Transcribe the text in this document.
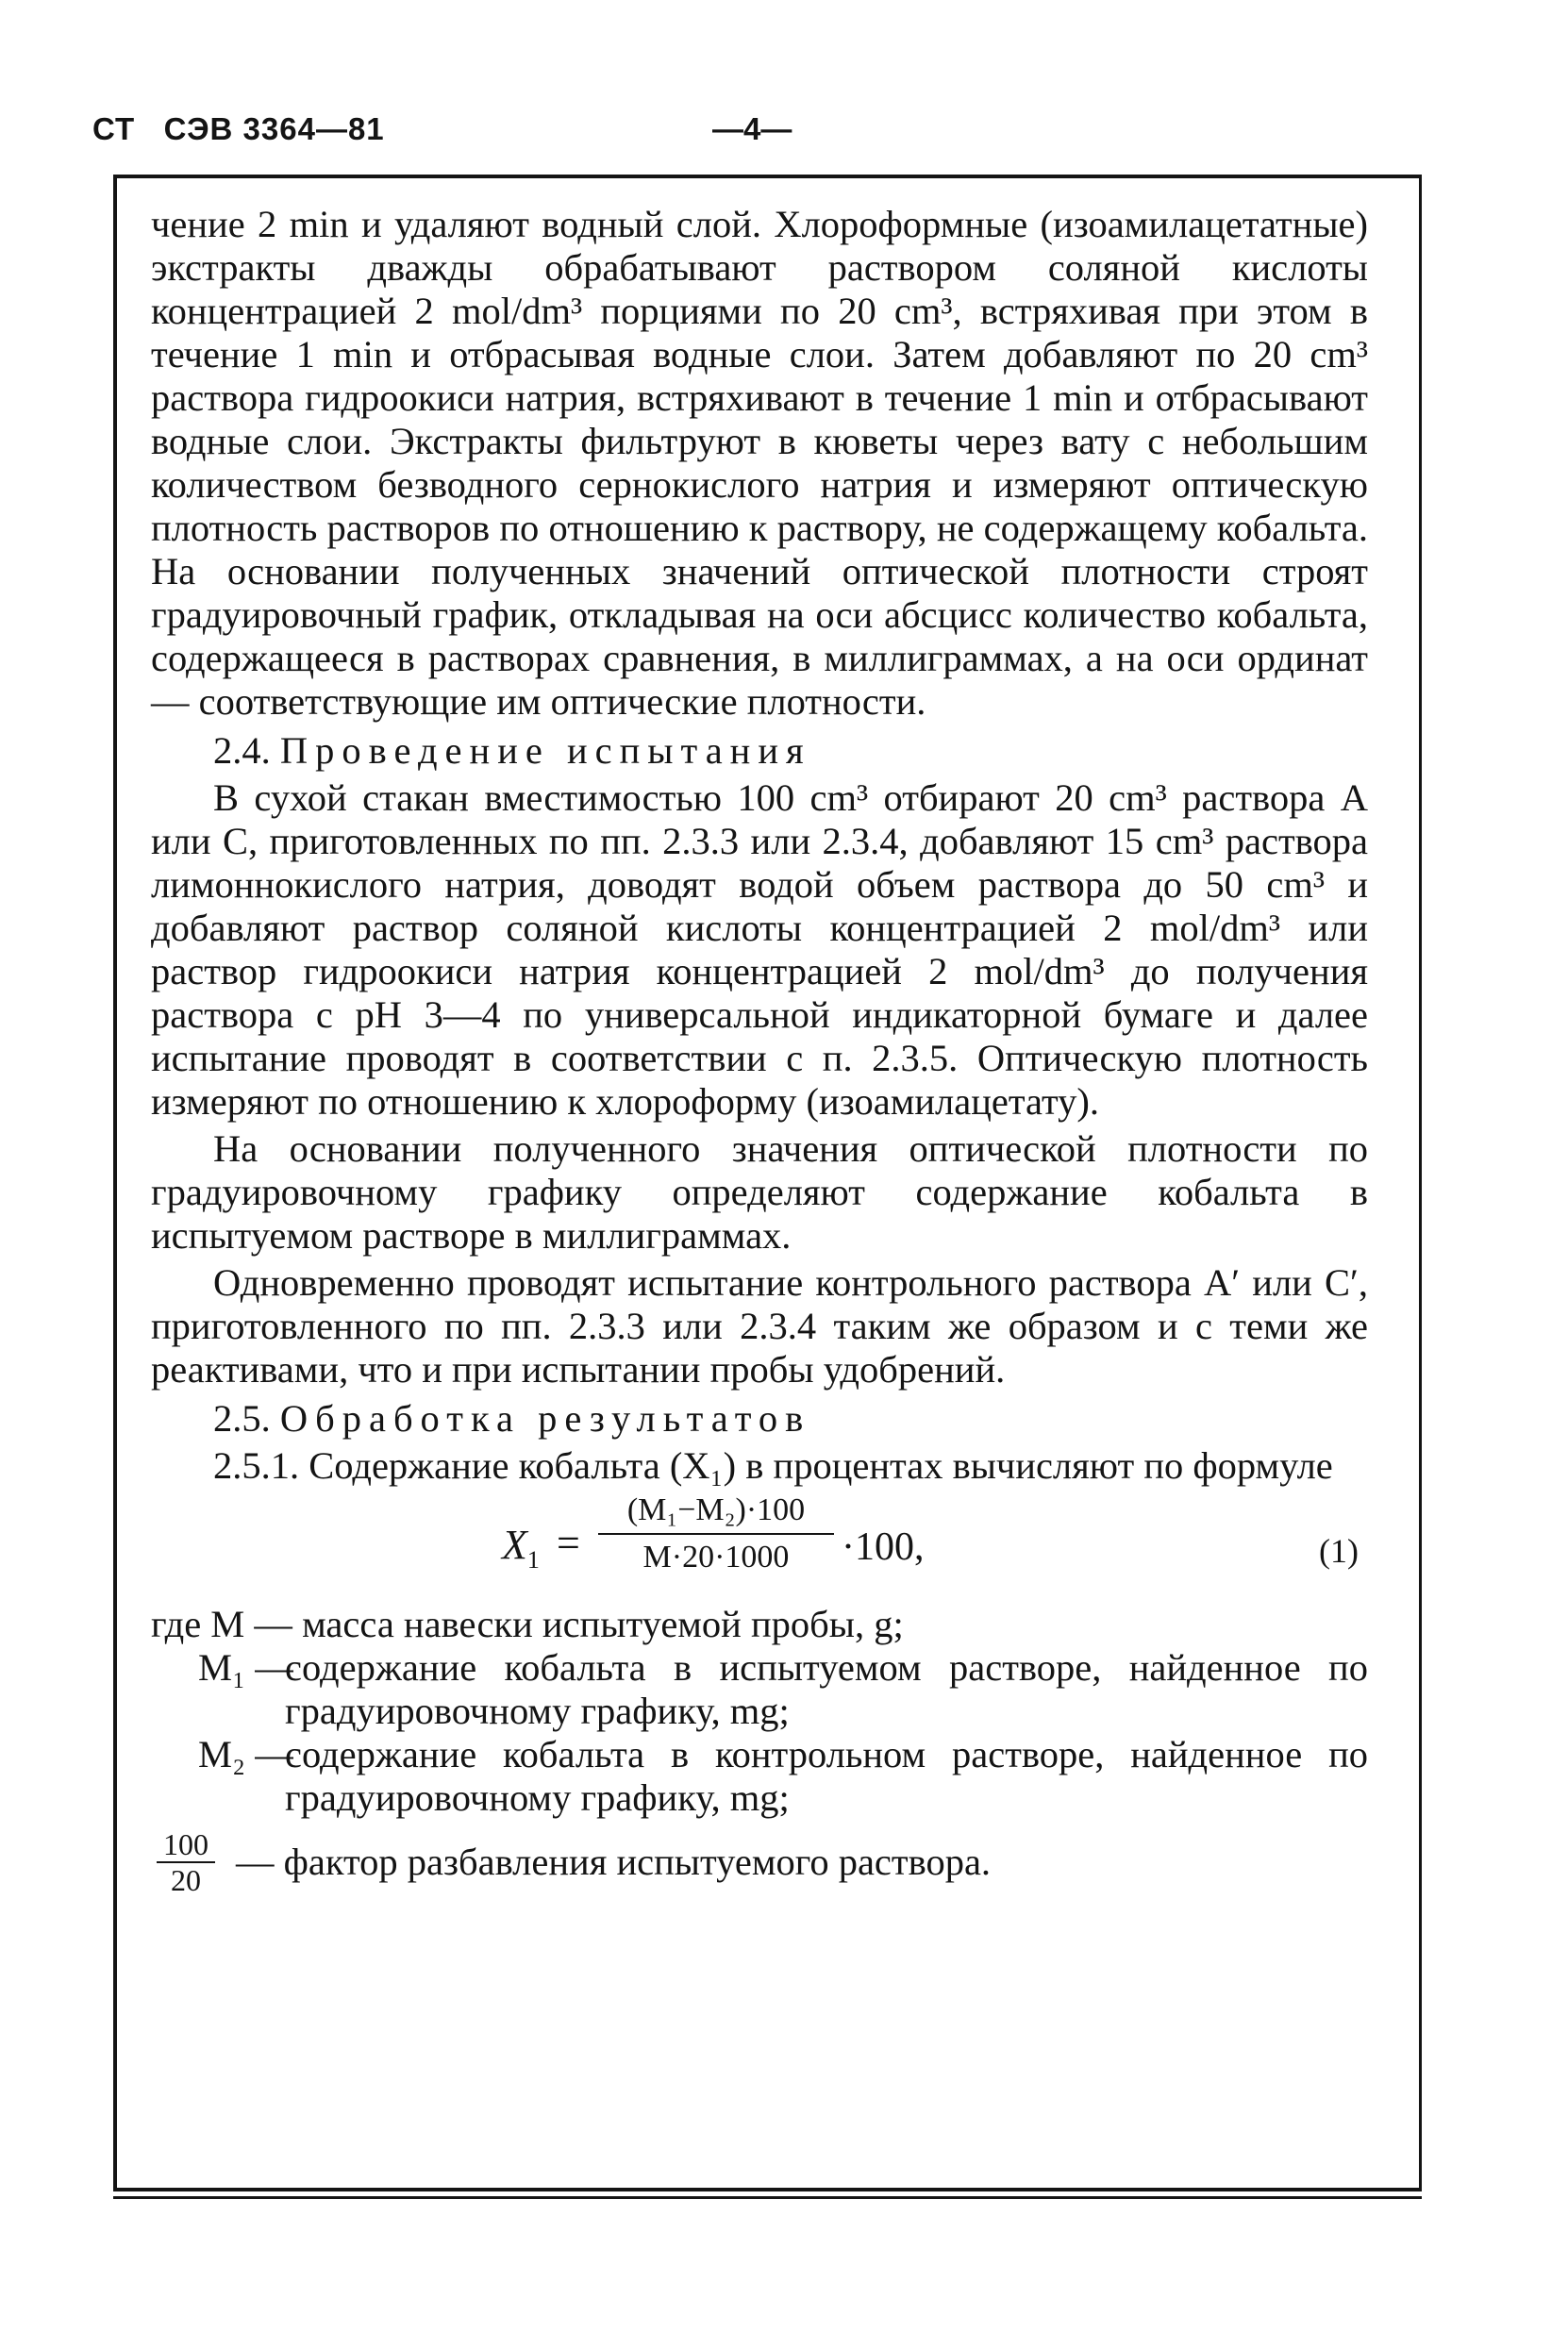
СТ   СЭВ 3364—81	—4—

чение 2 min и удаляют водный слой. Хлороформные (изоамилацетатные) экстракты дважды обрабатывают раствором соляной кислоты концентрацией 2 mol/dm³ порциями по 20 cm³, встряхивая при этом в течение 1 min и отбрасывая водные слои. Затем добавляют по 20 cm³ раствора гидроокиси натрия, встряхивают в течение 1 min и отбрасывают водные слои. Экстракты фильтруют в кюветы через вату с небольшим количеством безводного сернокислого натрия и измеряют оптическую плотность растворов по отношению к раствору, не содержащему кобальта. На основании полученных значений оптической плотности строят градуировочный график, откладывая на оси абсцисс количество кобальта, содержащееся в растворах сравнения, в миллиграммах, а на оси ординат — соответствующие им оптические плотности.

2.4. Проведение испытания

В сухой стакан вместимостью 100 cm³ отбирают 20 cm³ раствора А или С, приготовленных по пп. 2.3.3 или 2.3.4, добавляют 15 cm³ раствора лимоннокислого натрия, доводят водой объем раствора до 50 cm³ и добавляют раствор соляной кислоты концентрацией 2 mol/dm³ или раствор гидроокиси натрия концентрацией 2 mol/dm³ до получения раствора с pH 3—4 по универсальной индикаторной бумаге и далее испытание проводят в соответствии с п. 2.3.5. Оптическую плотность измеряют по отношению к хлороформу (изоамилацетату).

На основании полученного значения оптической плотности по градуировочному графику определяют содержание кобальта в испытуемом растворе в миллиграммах.

Одновременно проводят испытание контрольного раствора А′ или С′, приготовленного по пп. 2.3.3 или 2.3.4 таким же образом и с теми же реактивами, что и при испытании пробы удобрений.

2.5. Обработка результатов

2.5.1. Содержание кобальта (X₁) в процентах вычисляют по формуле

$X_1 = \frac{\text{(M₁−M₂)·100}}{M\cdot 20\cdot 1000} \cdot 100$,	(1)
где M — масса навески испытуемой пробы, g;
M₁ —
содержание кобальта в испытуемом растворе, найденное по градуировочному графику, mg;
M₂ —
содержание кобальта в контрольном растворе, найденное по градуировочному графику, mg;
$\frac{100}{20}$ — фактор разбавления испытуемого раствора.
